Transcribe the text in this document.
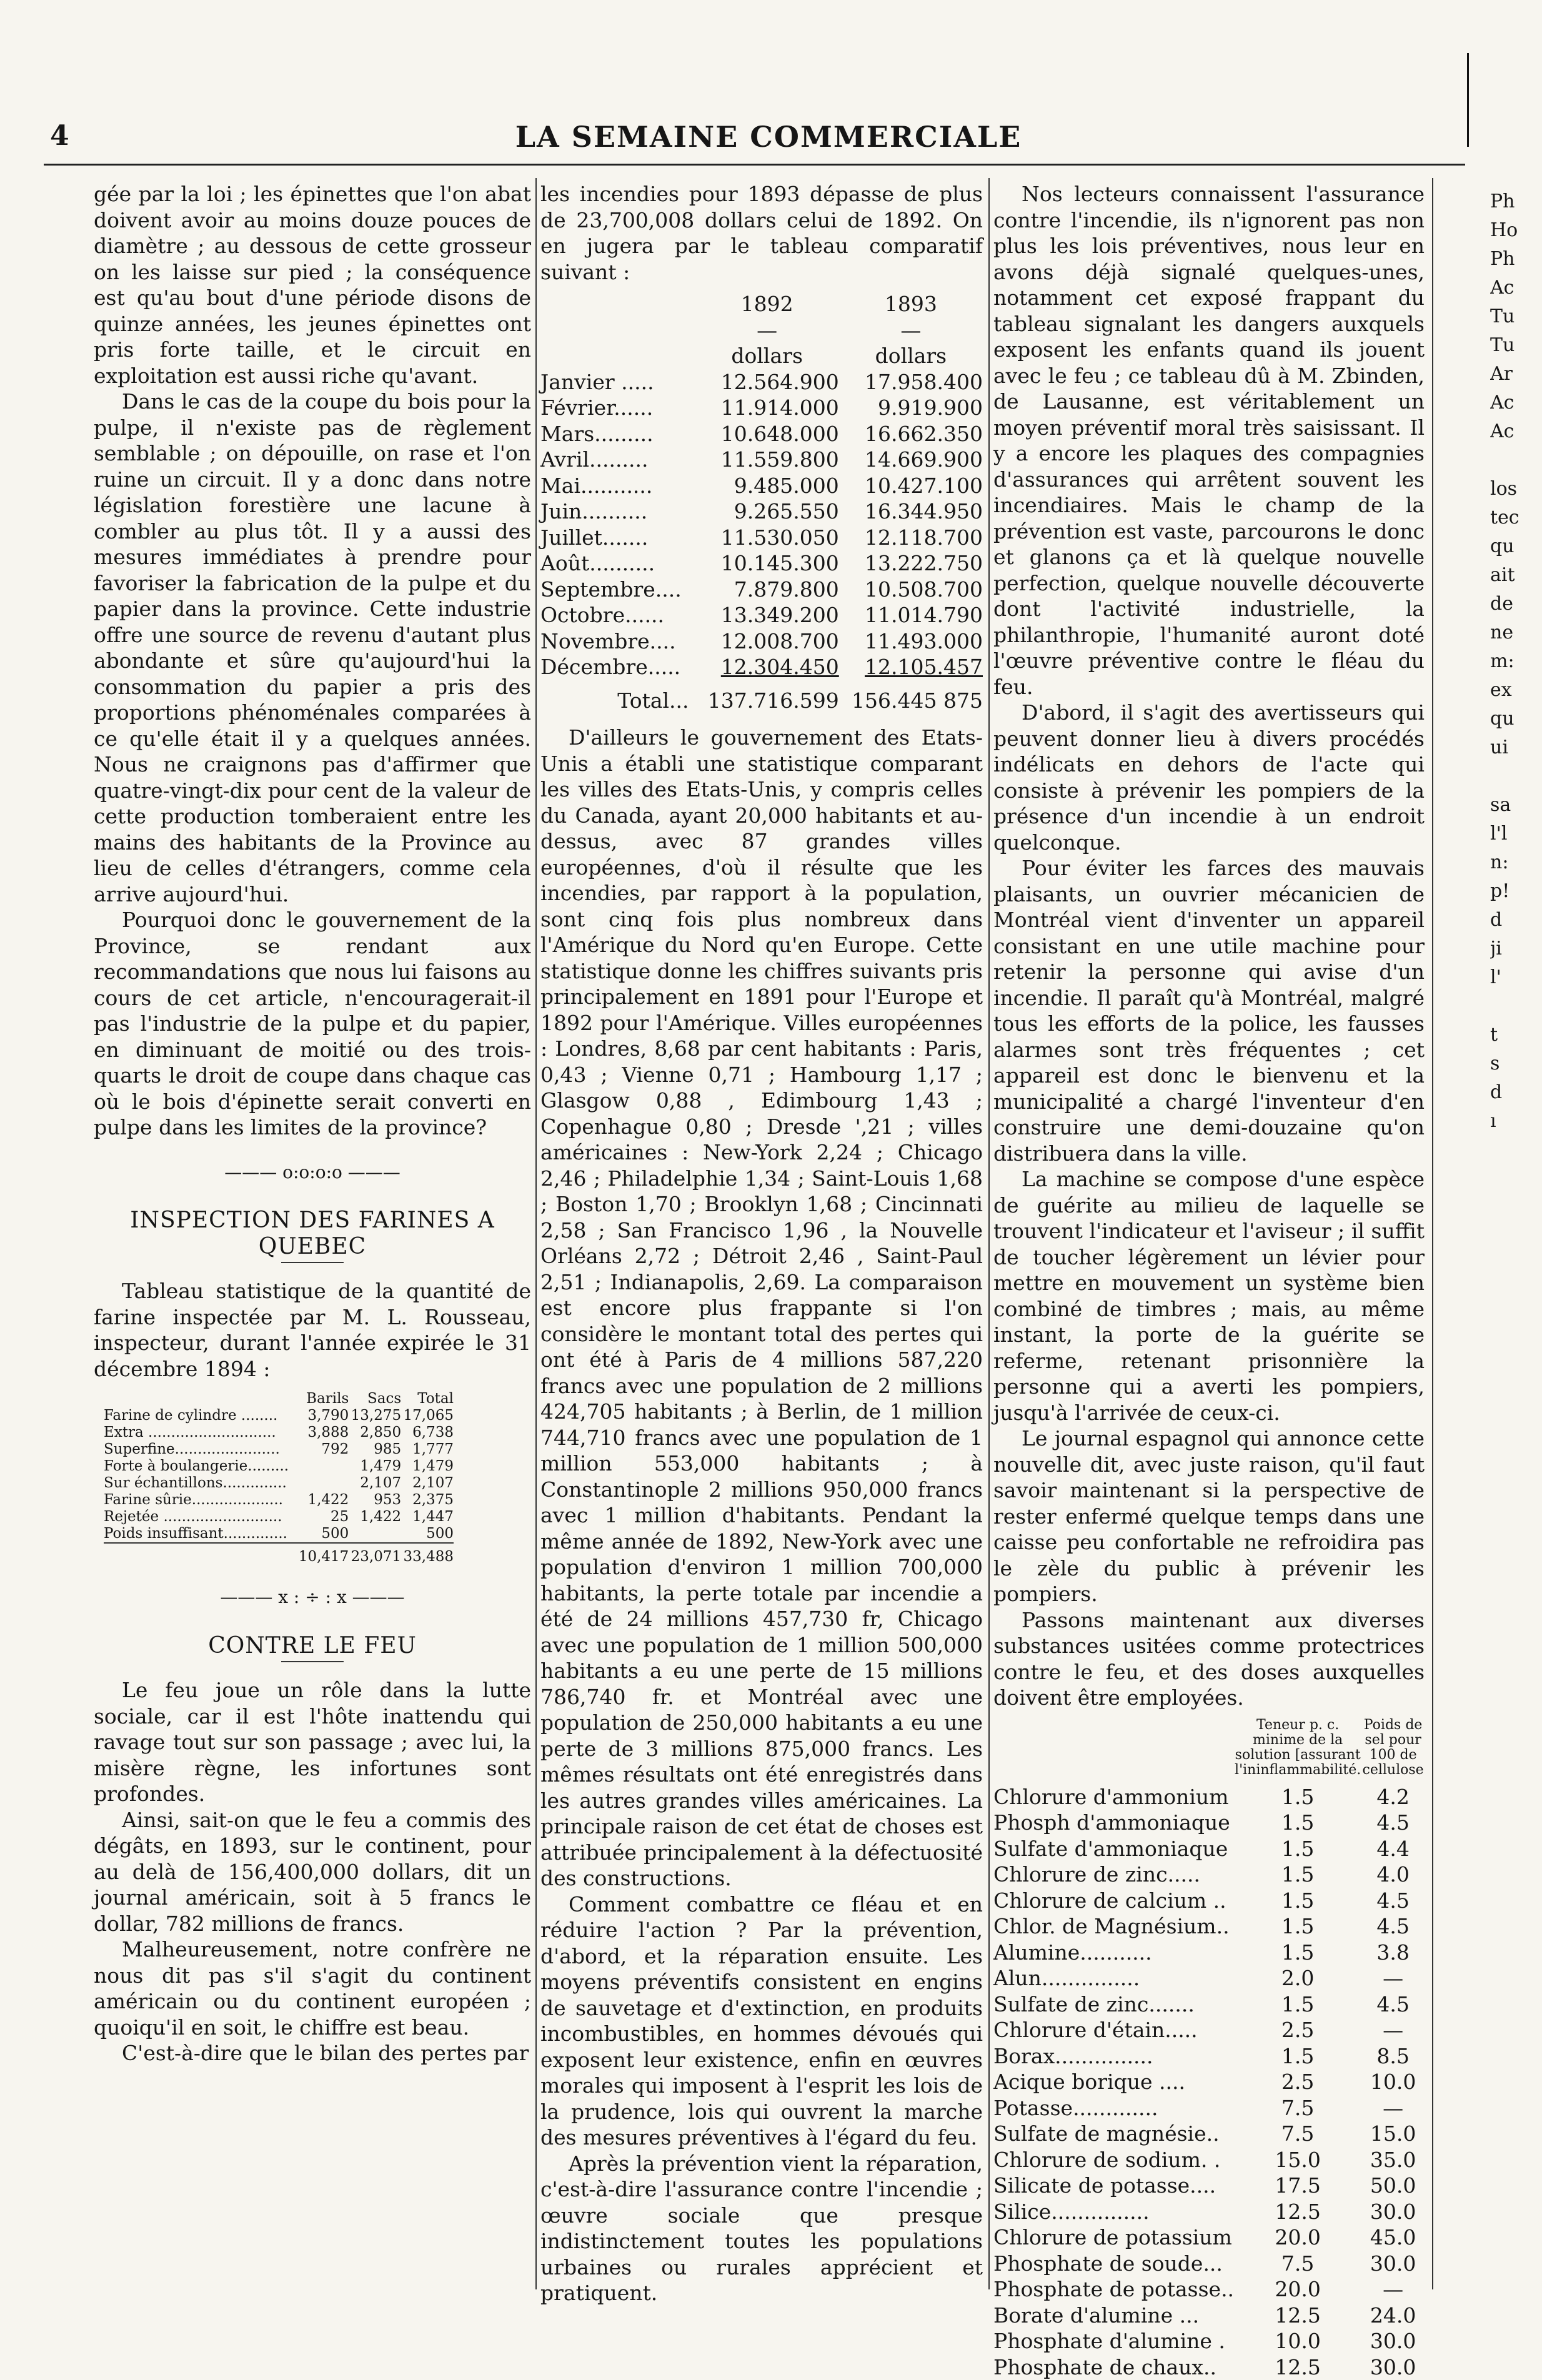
4	LA SEMAINE COMMERCIALE

gée par la loi ; les épinettes que l'on abat doivent avoir au moins douze pouces de diamètre ; au dessous de cette grosseur on les laisse sur pied ; la conséquence est qu'au bout d'une période disons de quinze années, les jeunes épinettes ont pris forte taille, et le circuit en exploitation est aussi riche qu'avant.

Dans le cas de la coupe du bois pour la pulpe, il n'existe pas de règlement semblable ; on dépouille, on rase et l'on ruine un circuit. Il y a donc dans notre législation forestière une lacune à combler au plus tôt. Il y a aussi des mesures immédiates à prendre pour favoriser la fabrication de la pulpe et du papier dans la province. Cette industrie offre une source de revenu d'autant plus abondante et sûre qu'aujourd'hui la consommation du papier a pris des proportions phénoménales comparées à ce qu'elle était il y a quelques années. Nous ne craignons pas d'affirmer que quatre-vingt-dix pour cent de la valeur de cette production tomberaient entre les mains des habitants de la Province au lieu de celles d'étrangers, comme cela arrive aujourd'hui.

Pourquoi donc le gouvernement de la Province, se rendant aux recommandations que nous lui faisons au cours de cet article, n'encouragerait-il pas l'industrie de la pulpe et du papier, en diminuant de moitié ou des trois-quarts le droit de coupe dans chaque cas où le bois d'épinette serait converti en pulpe dans les limites de la province?

——— o:o:o:o ———
INSPECTION DES FARINES A QUEBEC

Tableau statistique de la quantité de farine inspectée par M. L. Rousseau, inspecteur, durant l'année expirée le 31 décembre 1894 :

	Barils	Sacs	Total
Farine de cylindre ........	3,790	13,275	17,065
Extra ............................	3,888	2,850	6,738
Superfine.......................	792	985	1,777
Forte à boulangerie.........		1,479	1,479
Sur échantillons..............		2,107	2,107
Farine sûrie....................	1,422	953	2,375
Rejetée ..........................	25	1,422	1,447
Poids insuffisant..............	500		500
	10,417	23,071	33,488
——— x : ÷ : x ———
CONTRE LE FEU

Le feu joue un rôle dans la lutte sociale, car il est l'hôte inattendu qui ravage tout sur son passage ; avec lui, la misère règne, les infortunes sont profondes.

Ainsi, sait-on que le feu a commis des dégâts, en 1893, sur le continent, pour au delà de 156,400,000 dollars, dit un journal américain, soit à 5 francs le dollar, 782 millions de francs.

Malheureusement, notre confrère ne nous dit pas s'il s'agit du continent américain ou du continent européen ; quoiqu'il en soit, le chiffre est beau.

C'est-à-dire que le bilan des pertes par

les incendies pour 1893 dépasse de plus de 23,700,008 dollars celui de 1892. On en jugera par le tableau comparatif suivant :

	1892	1893
	—	—
	dollars	dollars
Janvier .....	12.564.900	17.958.400
Février......	11.914.000	9.919.900
Mars.........	10.648.000	16.662.350
Avril.........	11.559.800	14.669.900
Mai...........	9.485.000	10.427.100
Juin..........	9.265.550	16.344.950
Juillet.......	11.530.050	12.118.700
Août..........	10.145.300	13.222.750
Septembre....	7.879.800	10.508.700
Octobre......	13.349.200	11.014.790
Novembre....	12.008.700	11.493.000
Décembre.....	12.304.450	12.105.457
Total...	137.716.599	156.445 875

D'ailleurs le gouvernement des Etats-Unis a établi une statistique comparant les villes des Etats-Unis, y compris celles du Canada, ayant 20,000 habitants et au-dessus, avec 87 grandes villes européennes, d'où il résulte que les incendies, par rapport à la population, sont cinq fois plus nombreux dans l'Amérique du Nord qu'en Europe. Cette statistique donne les chiffres suivants pris principalement en 1891 pour l'Europe et 1892 pour l'Amérique. Villes européennes : Londres, 8,68 par cent habitants : Paris, 0,43 ; Vienne 0,71 ; Hambourg 1,17 ; Glasgow 0,88 , Edimbourg 1,43 ; Copenhague 0,80 ; Dresde ',21 ; villes américaines : New-York 2,24 ; Chicago 2,46 ; Philadelphie 1,34 ; Saint-Louis 1,68 ; Boston 1,70 ; Brooklyn 1,68 ; Cincinnati 2,58 ; San Francisco 1,96 , la Nouvelle Orléans 2,72 ; Détroit 2,46 , Saint-Paul 2,51 ; Indianapolis, 2,69. La comparaison est encore plus frappante si l'on considère le montant total des pertes qui ont été à Paris de 4 millions 587,220 francs avec une population de 2 millions 424,705 habitants ; à Berlin, de 1 million 744,710 francs avec une population de 1 million 553,000 habitants ; à Constantinople 2 millions 950,000 francs avec 1 million d'habitants. Pendant la même année de 1892, New-York avec une population d'environ 1 million 700,000 habitants, la perte totale par incendie a été de 24 millions 457,730 fr, Chicago avec une population de 1 million 500,000 habitants a eu une perte de 15 millions 786,740 fr. et Montréal avec une population de 250,000 habitants a eu une perte de 3 millions 875,000 francs. Les mêmes résultats ont été enregistrés dans les autres grandes villes américaines. La principale raison de cet état de choses est attribuée principalement à la défectuosité des constructions.

Comment combattre ce fléau et en réduire l'action ? Par la prévention, d'abord, et la réparation ensuite. Les moyens préventifs consistent en engins de sauvetage et d'extinction, en produits incombustibles, en hommes dévoués qui exposent leur existence, enfin en œuvres morales qui imposent à l'esprit les lois de la prudence, lois qui ouvrent la marche des mesures préventives à l'égard du feu.

Après la prévention vient la réparation, c'est-à-dire l'assurance contre l'incendie ; œuvre sociale que presque indistinctement toutes les populations urbaines ou rurales apprécient et pratiquent.

Nos lecteurs connaissent l'assurance contre l'incendie, ils n'ignorent pas non plus les lois préventives, nous leur en avons déjà signalé quelques-unes, notamment cet exposé frappant du tableau signalant les dangers auxquels exposent les enfants quand ils jouent avec le feu ; ce tableau dû à M. Zbinden, de Lausanne, est véritablement un moyen préventif moral très saisissant. Il y a encore les plaques des compagnies d'assurances qui arrêtent souvent les incendiaires. Mais le champ de la prévention est vaste, parcourons le donc et glanons ça et là quelque nouvelle perfection, quelque nouvelle découverte dont l'activité industrielle, la philanthropie, l'humanité auront doté l'œuvre préventive contre le fléau du feu.

D'abord, il s'agit des avertisseurs qui peuvent donner lieu à divers procédés indélicats en dehors de l'acte qui consiste à prévenir les pompiers de la présence d'un incendie à un endroit quelconque.

Pour éviter les farces des mauvais plaisants, un ouvrier mécanicien de Montréal vient d'inventer un appareil consistant en une utile machine pour retenir la personne qui avise d'un incendie. Il paraît qu'à Montréal, malgré tous les efforts de la police, les fausses alarmes sont très fréquentes ; cet appareil est donc le bienvenu et la municipalité a chargé l'inventeur d'en construire une demi-douzaine qu'on distribuera dans la ville.

La machine se compose d'une espèce de guérite au milieu de laquelle se trouvent l'indicateur et l'aviseur ; il suffit de toucher légèrement un lévier pour mettre en mouvement un système bien combiné de timbres ; mais, au même instant, la porte de la guérite se referme, retenant prisonnière la personne qui a averti les pompiers, jusqu'à l'arrivée de ceux-ci.

Le journal espagnol qui annonce cette nouvelle dit, avec juste raison, qu'il faut savoir maintenant si la perspective de rester enfermé quelque temps dans une caisse peu confortable ne refroidira pas le zèle du public à prévenir les pompiers.

Passons maintenant aux diverses substances usitées comme protectrices contre le feu, et des doses auxquelles doivent être employées.

	Teneur p. c. minime de la solution [assurant l'ininflammabilité.	Poids de sel pour 100 de cellulose
Chlorure d'ammonium	1.5	4.2
Phosph d'ammoniaque	1.5	4.5
Sulfate d'ammoniaque	1.5	4.4
Chlorure de zinc.....	1.5	4.0
Chlorure de calcium ..	1.5	4.5
Chlor. de Magnésium..	1.5	4.5
Alumine...........	1.5	3.8
Alun...............	2.0	—
Sulfate de zinc.......	1.5	4.5
Chlorure d'étain.....	2.5	—
Borax...............	1.5	8.5
Acique borique ....	2.5	10.0
Potasse.............	7.5	—
Sulfate de magnésie..	7.5	15.0
Chlorure de sodium. .	15.0	35.0
Silicate de potasse....	17.5	50.0
Silice...............	12.5	30.0
Chlorure de potassium	20.0	45.0
Phosphate de soude...	7.5	30.0
Phosphate de potasse..	20.0	—
Borate d'alumine ...	12.5	24.0
Phosphate d'alumine .	10.0	30.0
Phosphate de chaux..	12.5	30.0
Ph
Ho
Ph
Ac
Tu
Tu
Ar
Ac
Ac

los
tec
qu
ait
de
ne
m:
ex
qu
ui

sa
l'l
n:
p!
d
ji
l'

t
s
d
ı
